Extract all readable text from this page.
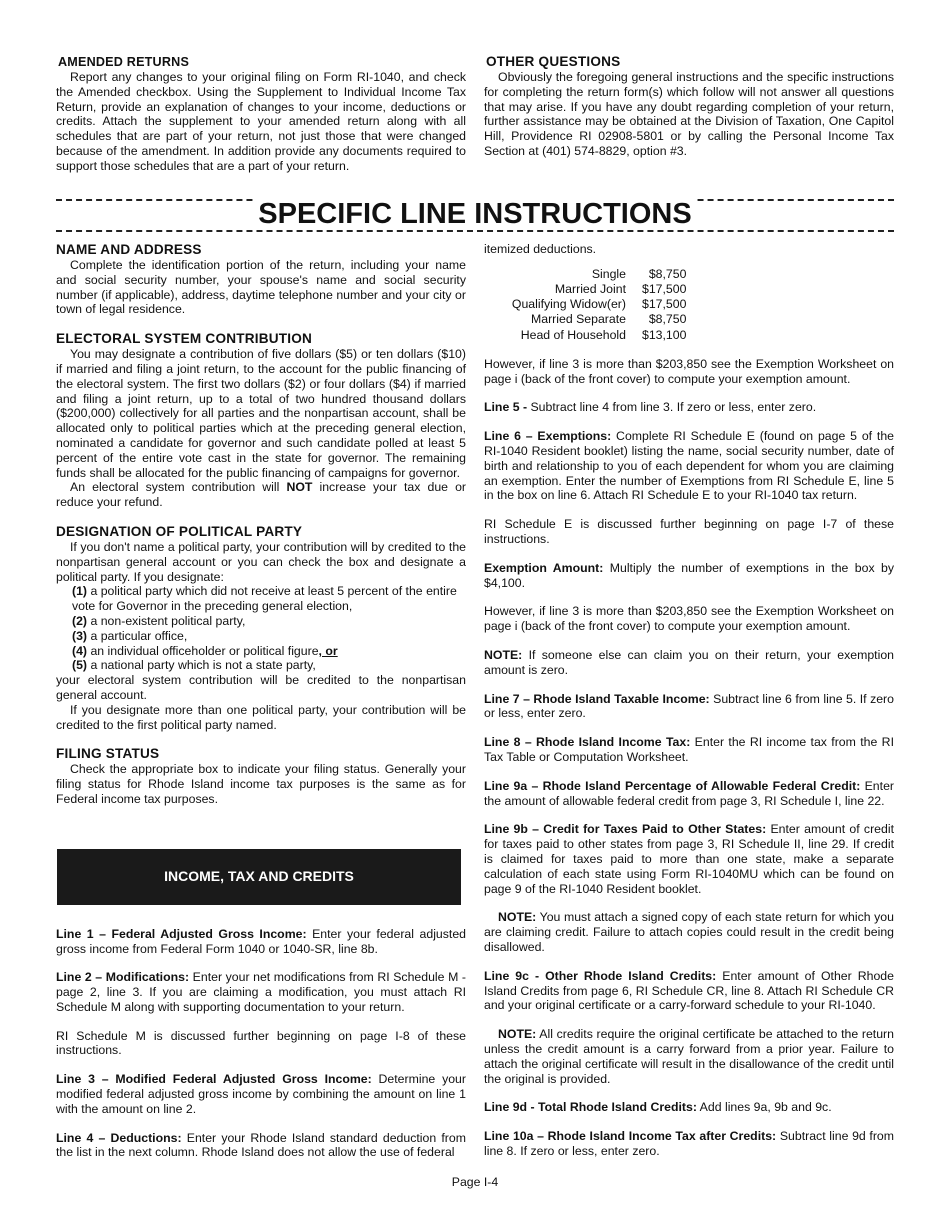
AMENDED RETURNS

Report any changes to your original filing on Form RI-1040, and check the Amended checkbox. Using the Supplement to Individual Income Tax Return, provide an explanation of changes to your income, deductions or credits. Attach the supplement to your amended return along with all schedules that are part of your return, not just those that were changed because of the amendment. In addition provide any documents required to support those schedules that are a part of your return.

OTHER QUESTIONS

Obviously the foregoing general instructions and the specific instructions for completing the return form(s) which follow will not answer all questions that may arise. If you have any doubt regarding completion of your return, further assistance may be obtained at the Division of Taxation, One Capitol Hill, Providence RI 02908-5801 or by calling the Personal Income Tax Section at (401) 574-8829, option #3.

SPECIFIC LINE INSTRUCTIONS
NAME AND ADDRESS

Complete the identification portion of the return, including your name and social security number, your spouse's name and social security number (if applicable), address, daytime telephone number and your city or town of legal residence.

ELECTORAL SYSTEM CONTRIBUTION

You may designate a contribution of five dollars ($5) or ten dollars ($10) if married and filing a joint return, to the account for the public financing of the electoral system. The first two dollars ($2) or four dollars ($4) if married and filing a joint return, up to a total of two hundred thousand dollars ($200,000) collectively for all parties and the nonpartisan account, shall be allocated only to political parties which at the preceding general election, nominated a candidate for governor and such candidate polled at least 5 percent of the entire vote cast in the state for governor. The remaining funds shall be allocated for the public financing of campaigns for governor.

An electoral system contribution will NOT increase your tax due or reduce your refund.

DESIGNATION OF POLITICAL PARTY

If you don't name a political party, your contribution will by credited to the nonpartisan general account or you can check the box and designate a political party. If you designate:

(1) a political party which did not receive at least 5 percent of the entire vote for Governor in the preceding general election,
(2) a non-existent political party,
(3) a particular office,
(4) an individual officeholder or political figure, or
(5) a national party which is not a state party,

your electoral system contribution will be credited to the nonpartisan general account.

If you designate more than one political party, your contribution will be credited to the first political party named.

FILING STATUS

Check the appropriate box to indicate your filing status. Generally your filing status for Rhode Island income tax purposes is the same as for Federal income tax purposes.

INCOME, TAX AND CREDITS

Line 1 – Federal Adjusted Gross Income: Enter your federal adjusted gross income from Federal Form 1040 or 1040-SR, line 8b.

Line 2 – Modifications: Enter your net modifications from RI Schedule M - page 2, line 3. If you are claiming a modification, you must attach RI Schedule M along with supporting documentation to your return.

RI Schedule M is discussed further beginning on page I-8 of these instructions.

Line 3 – Modified Federal Adjusted Gross Income: Determine your modified federal adjusted gross income by combining the amount on line 1 with the amount on line 2.

Line 4 – Deductions: Enter your Rhode Island standard deduction from the list in the next column. Rhode Island does not allow the use of federal

itemized deductions.

Single	$8,750
Married Joint	$17,500
Qualifying Widow(er)	$17,500
Married Separate	$8,750
Head of Household	$13,100

However, if line 3 is more than $203,850 see the Exemption Worksheet on page i (back of the front cover) to compute your exemption amount.

Line 5 - Subtract line 4 from line 3. If zero or less, enter zero.

Line 6 – Exemptions: Complete RI Schedule E (found on page 5 of the RI-1040 Resident booklet) listing the name, social security number, date of birth and relationship to you of each dependent for whom you are claiming an exemption. Enter the number of Exemptions from RI Schedule E, line 5 in the box on line 6. Attach RI Schedule E to your RI-1040 tax return.

RI Schedule E is discussed further beginning on page I-7 of these instructions.

Exemption Amount: Multiply the number of exemptions in the box by $4,100.

However, if line 3 is more than $203,850 see the Exemption Worksheet on page i (back of the front cover) to compute your exemption amount.

NOTE: If someone else can claim you on their return, your exemption amount is zero.

Line 7 – Rhode Island Taxable Income: Subtract line 6 from line 5. If zero or less, enter zero.

Line 8 – Rhode Island Income Tax: Enter the RI income tax from the RI Tax Table or Computation Worksheet.

Line 9a – Rhode Island Percentage of Allowable Federal Credit: Enter the amount of allowable federal credit from page 3, RI Schedule I, line 22.

Line 9b – Credit for Taxes Paid to Other States: Enter amount of credit for taxes paid to other states from page 3, RI Schedule II, line 29. If credit is claimed for taxes paid to more than one state, make a separate calculation of each state using Form RI-1040MU which can be found on page 9 of the RI-1040 Resident booklet.

NOTE: You must attach a signed copy of each state return for which you are claiming credit. Failure to attach copies could result in the credit being disallowed.

Line 9c - Other Rhode Island Credits: Enter amount of Other Rhode Island Credits from page 6, RI Schedule CR, line 8. Attach RI Schedule CR and your original certificate or a carry-forward schedule to your RI-1040.

NOTE: All credits require the original certificate be attached to the return unless the credit amount is a carry forward from a prior year. Failure to attach the original certificate will result in the disallowance of the credit until the original is provided.

Line 9d - Total Rhode Island Credits: Add lines 9a, 9b and 9c.

Line 10a – Rhode Island Income Tax after Credits: Subtract line 9d from line 8. If zero or less, enter zero.

Page I-4
